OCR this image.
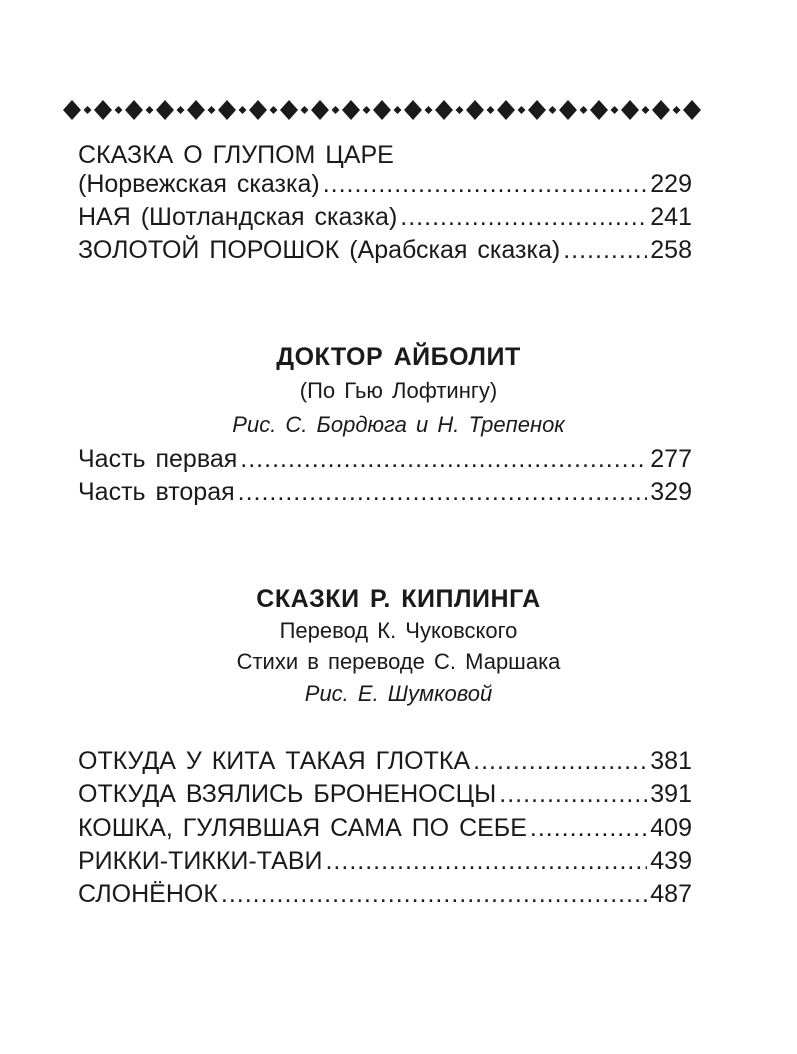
СКАЗКА О ГЛУПОМ ЦАРЕ
(Норвежская сказка) .....	229
НАЯ (Шотландская сказка) .....	241
ЗОЛОТОЙ ПОРОШОК (Арабская сказка) .....	258
ДОКТОР АЙБОЛИТ
(По Гью Лофтингу)
Рис. С. Бордюга и Н. Трепенок
Часть первая .....	277
Часть вторая .....	329
СКАЗКИ Р. КИПЛИНГА
Перевод К. Чуковского
Стихи в переводе С. Маршака
Рис. Е. Шумковой
ОТКУДА У КИТА ТАКАЯ ГЛОТКА .....	381
ОТКУДА ВЗЯЛИСЬ БРОНЕНОСЦЫ .....	391
КОШКА, ГУЛЯВШАЯ САМА ПО СЕБЕ .....	409
РИККИ-ТИККИ-ТАВИ .....	439
СЛОНЁНОК .....	487
